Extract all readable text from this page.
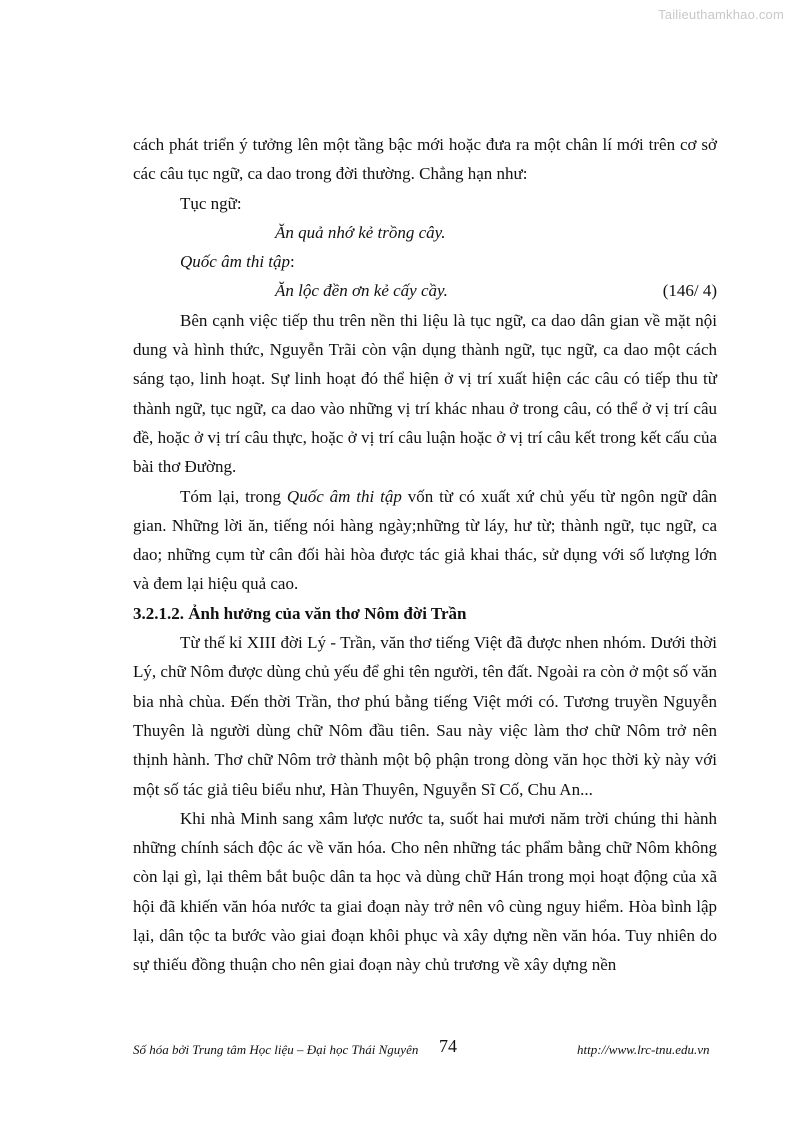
Tailieuthamkhao.com

cách phát triển ý tưởng lên một tầng bậc mới hoặc đưa ra một chân lí mới trên cơ sở các câu tục ngữ, ca dao trong đời thường. Chẳng hạn như:

Tục ngữ:
Ăn quả nhớ kẻ trồng cây.
Quốc âm thi tập:
Ăn lộc đền ơn kẻ cấy cầy.	(146/ 4)

Bên cạnh việc tiếp thu trên nền thi liệu là tục ngữ, ca dao dân gian về mặt nội dung và hình thức, Nguyễn Trãi còn vận dụng thành ngữ, tục ngữ, ca dao một cách sáng tạo, linh hoạt. Sự linh hoạt đó thể hiện ở vị trí xuất hiện các câu có tiếp thu từ thành ngữ, tục ngữ, ca dao vào những vị trí khác nhau ở trong câu, có thể ở vị trí câu đề, hoặc ở vị trí câu thực, hoặc ở vị trí câu luận hoặc ở vị trí câu kết trong kết cấu của bài thơ Đường.

Tóm lại, trong Quốc âm thi tập vốn từ có xuất xứ chủ yếu từ ngôn ngữ dân gian. Những lời ăn, tiếng nói hàng ngày;những từ láy, hư từ; thành ngữ, tục ngữ, ca dao; những cụm từ cân đối hài hòa được tác giả khai thác, sử dụng với số lượng lớn và đem lại hiệu quả cao.

3.2.1.2. Ảnh hưởng của văn thơ Nôm đời Trần

Từ thế kỉ XIII đời Lý - Trần, văn thơ tiếng Việt đã được nhen nhóm. Dưới thời Lý, chữ Nôm được dùng chủ yếu để ghi tên người, tên đất. Ngoài ra còn ở một số văn bia nhà chùa. Đến thời Trần, thơ phú bằng tiếng Việt mới có. Tương truyền Nguyễn Thuyên là người dùng chữ Nôm đầu tiên. Sau này việc làm thơ chữ Nôm trở nên thịnh hành. Thơ chữ Nôm trở thành một bộ phận trong dòng văn học thời kỳ này với một số tác giả tiêu biểu như, Hàn Thuyên, Nguyễn Sĩ Cố, Chu An...

Khi nhà Minh sang xâm lược nước ta, suốt hai mươi năm trời chúng thi hành những chính sách độc ác về văn hóa. Cho nên những tác phẩm bằng chữ Nôm không còn lại gì, lại thêm bắt buộc dân ta học và dùng chữ Hán trong mọi hoạt động của xã hội đã khiến văn hóa nước ta giai đoạn này trở nên vô cùng nguy hiểm. Hòa bình lập lại, dân tộc ta bước vào giai đoạn khôi phục và xây dựng nền văn hóa. Tuy nhiên do sự thiếu đồng thuận cho nên giai đoạn này chủ trương về xây dựng nền

Số hóa bởi Trung tâm Học liệu – Đại học Thái Nguyên 74	http://www.lrc-tnu.edu.vn
